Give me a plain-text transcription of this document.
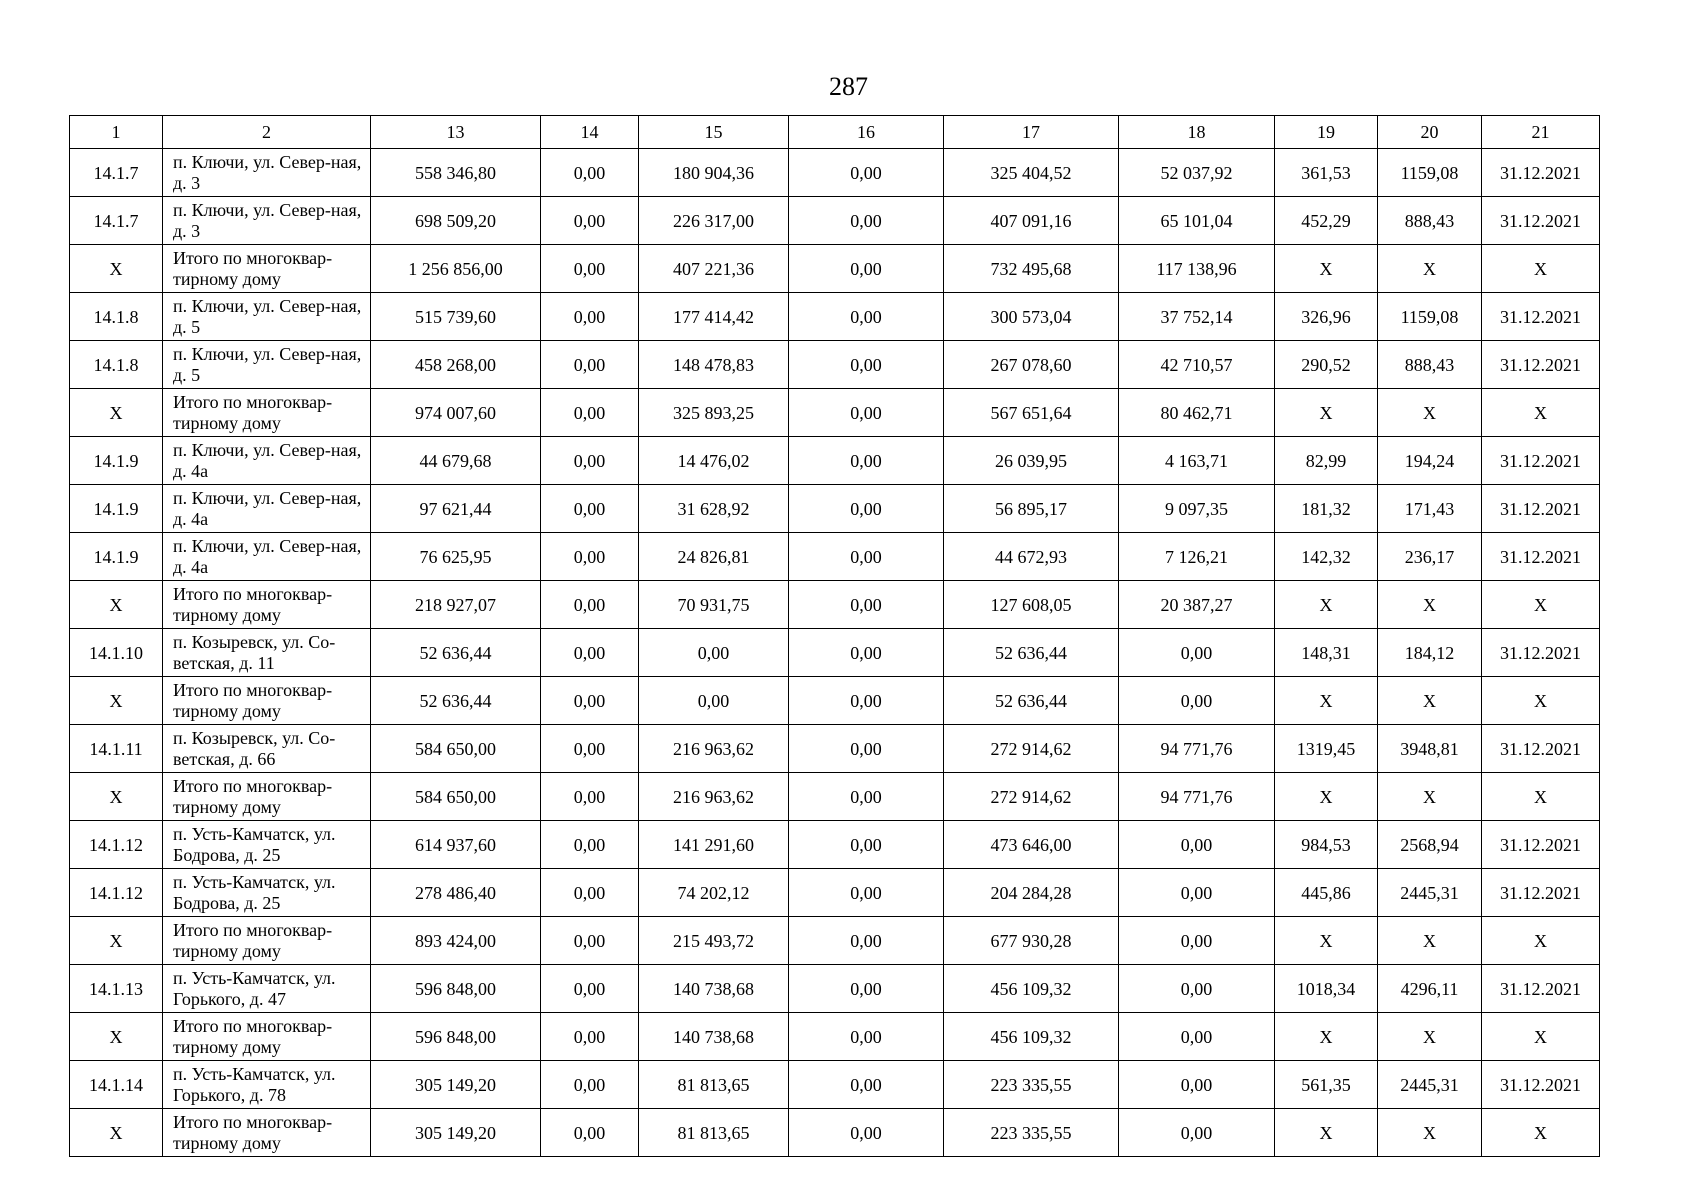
287
1	2	13	14	15	16	17	18	19	20	21
14.1.7	п. Ключи, ул. Север-ная, д. 3	558 346,80	0,00	180 904,36	0,00	325 404,52	52 037,92	361,53	1159,08	31.12.2021
14.1.7	п. Ключи, ул. Север-ная, д. 3	698 509,20	0,00	226 317,00	0,00	407 091,16	65 101,04	452,29	888,43	31.12.2021
X	Итого по многоквар-тирному дому	1 256 856,00	0,00	407 221,36	0,00	732 495,68	117 138,96	X	X	X
14.1.8	п. Ключи, ул. Север-ная, д. 5	515 739,60	0,00	177 414,42	0,00	300 573,04	37 752,14	326,96	1159,08	31.12.2021
14.1.8	п. Ключи, ул. Север-ная, д. 5	458 268,00	0,00	148 478,83	0,00	267 078,60	42 710,57	290,52	888,43	31.12.2021
X	Итого по многоквар-тирному дому	974 007,60	0,00	325 893,25	0,00	567 651,64	80 462,71	X	X	X
14.1.9	п. Ключи, ул. Север-ная, д. 4а	44 679,68	0,00	14 476,02	0,00	26 039,95	4 163,71	82,99	194,24	31.12.2021
14.1.9	п. Ключи, ул. Север-ная, д. 4а	97 621,44	0,00	31 628,92	0,00	56 895,17	9 097,35	181,32	171,43	31.12.2021
14.1.9	п. Ключи, ул. Север-ная, д. 4а	76 625,95	0,00	24 826,81	0,00	44 672,93	7 126,21	142,32	236,17	31.12.2021
X	Итого по многоквар-тирному дому	218 927,07	0,00	70 931,75	0,00	127 608,05	20 387,27	X	X	X
14.1.10	п. Козыревск, ул. Со-ветская, д. 11	52 636,44	0,00	0,00	0,00	52 636,44	0,00	148,31	184,12	31.12.2021
X	Итого по многоквар-тирному дому	52 636,44	0,00	0,00	0,00	52 636,44	0,00	X	X	X
14.1.11	п. Козыревск, ул. Со-ветская, д. 66	584 650,00	0,00	216 963,62	0,00	272 914,62	94 771,76	1319,45	3948,81	31.12.2021
X	Итого по многоквар-тирному дому	584 650,00	0,00	216 963,62	0,00	272 914,62	94 771,76	X	X	X
14.1.12	п. Усть-Камчатск, ул. Бодрова, д. 25	614 937,60	0,00	141 291,60	0,00	473 646,00	0,00	984,53	2568,94	31.12.2021
14.1.12	п. Усть-Камчатск, ул. Бодрова, д. 25	278 486,40	0,00	74 202,12	0,00	204 284,28	0,00	445,86	2445,31	31.12.2021
X	Итого по многоквар-тирному дому	893 424,00	0,00	215 493,72	0,00	677 930,28	0,00	X	X	X
14.1.13	п. Усть-Камчатск, ул. Горького, д. 47	596 848,00	0,00	140 738,68	0,00	456 109,32	0,00	1018,34	4296,11	31.12.2021
X	Итого по многоквар-тирному дому	596 848,00	0,00	140 738,68	0,00	456 109,32	0,00	X	X	X
14.1.14	п. Усть-Камчатск, ул. Горького, д. 78	305 149,20	0,00	81 813,65	0,00	223 335,55	0,00	561,35	2445,31	31.12.2021
X	Итого по многоквар-тирному дому	305 149,20	0,00	81 813,65	0,00	223 335,55	0,00	X	X	X
